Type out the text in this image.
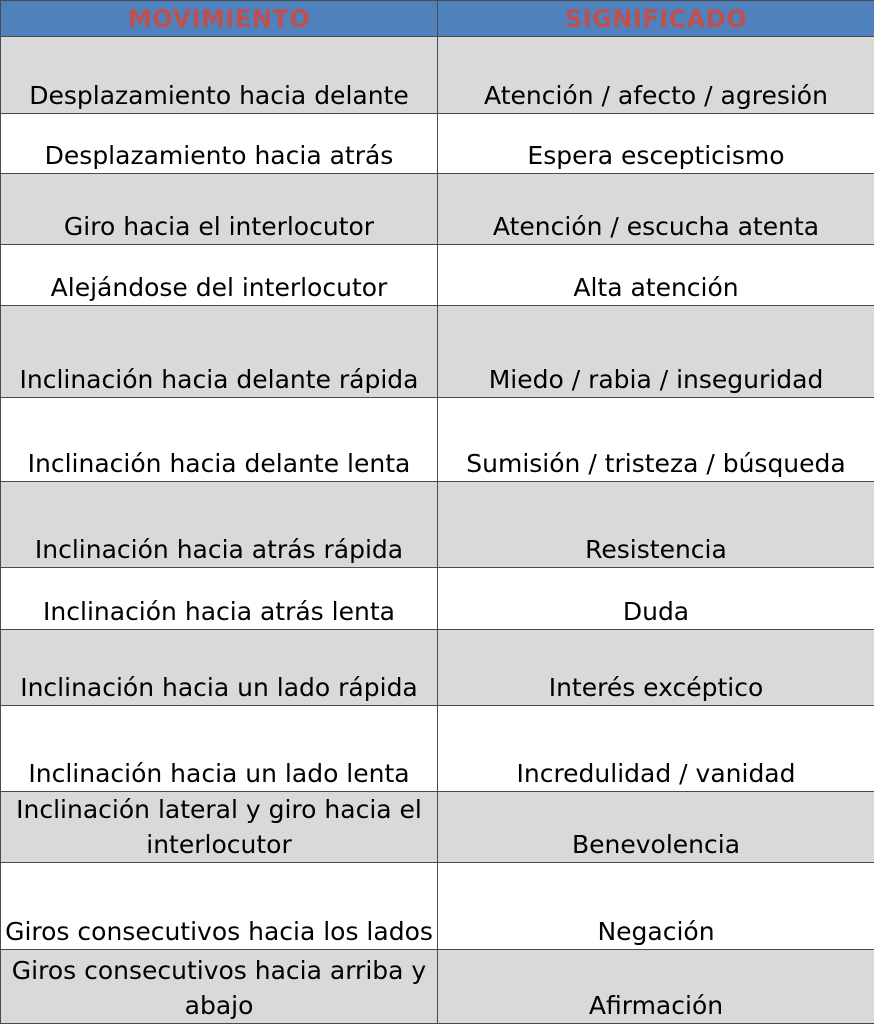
MOVIMIENTO	SIGNIFICADO
Desplazamiento hacia delante	Atención / afecto / agresión
Desplazamiento hacia atrás	Espera escepticismo
Giro hacia el interlocutor	Atención / escucha atenta
Alejándose del interlocutor	Alta atención
Inclinación hacia delante rápida	Miedo / rabia / inseguridad
Inclinación hacia delante lenta	Sumisión / tristeza / búsqueda
Inclinación hacia atrás rápida	Resistencia
Inclinación hacia atrás lenta	Duda
Inclinación hacia un lado rápida	Interés excéptico
Inclinación hacia un lado lenta	Incredulidad / vanidad
Inclinación lateral y giro hacia el interlocutor	Benevolencia
Giros consecutivos hacia los lados	Negación
Giros consecutivos hacia arriba y abajo	Afirmación
